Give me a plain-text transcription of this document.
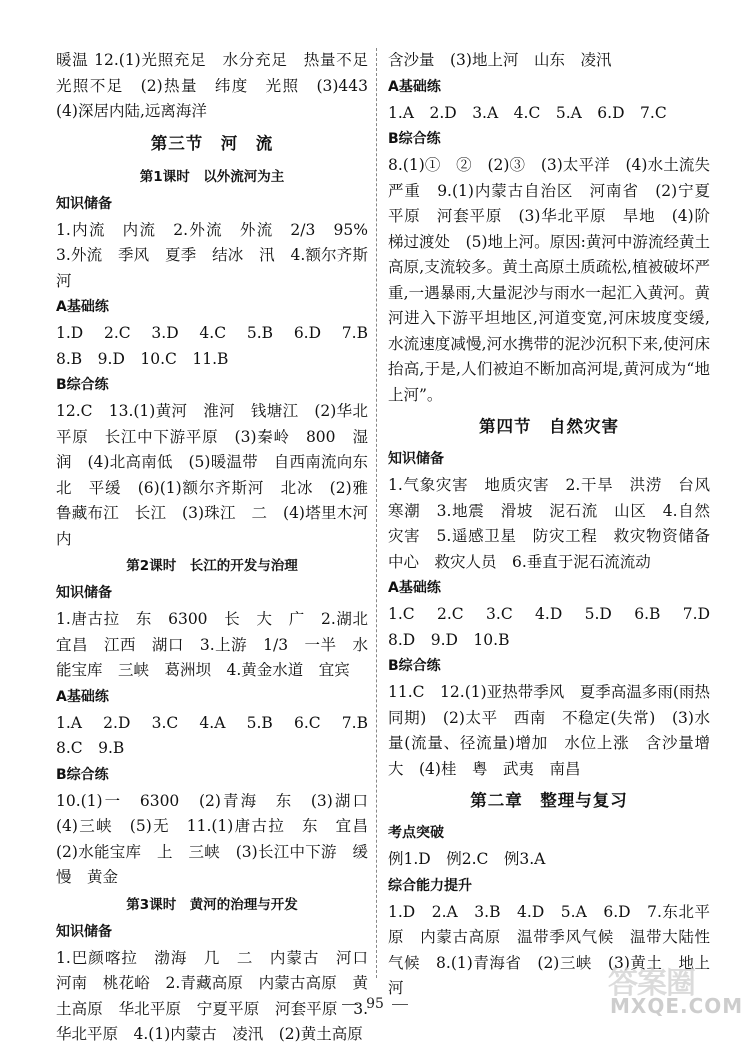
暖温 12.(1)光照充足　水分充足　热量不足　光照不足　(2)热量　纬度　光照　(3)443　(4)深居内陆,远离海洋

第三节　河　流

第1课时　以外流河为主

知识储备

1.内流　内流　2.外流　外流　2/3　95%　3.外流　季风　夏季　结冰　汛　4.额尔齐斯河

A基础练

1.D　2.C　3.D　4.C　5.B　6.D　7.B　8.B　9.D　10.C　11.B

B综合练

12.C　13.(1)黄河　淮河　钱塘江　(2)华北平原　长江中下游平原　(3)秦岭　800　湿润　(4)北高南低　(5)暖温带　自西南流向东北　平缓　(6)(1)额尔齐斯河　北冰　(2)雅鲁藏布江　长江　(3)珠江　二　(4)塔里木河　内

第2课时　长江的开发与治理

知识储备

1.唐古拉　东　6300　长　大　广　2.湖北　宜昌　江西　湖口　3.上游　1/3　一半　水能宝库　三峡　葛洲坝　4.黄金水道　宜宾

A基础练

1.A　2.D　3.C　4.A　5.B　6.C　7.B　8.C　9.B

B综合练

10.(1)一　6300　(2)青海　东　(3)湖口　(4)三峡　(5)无　11.(1)唐古拉　东　宜昌　(2)水能宝库　上　三峡　(3)长江中下游　缓慢　黄金

第3课时　黄河的治理与开发

知识储备

1.巴颜喀拉　渤海　几　二　内蒙古　河口　河南　桃花峪　2.青藏高原　内蒙古高原　黄土高原　华北平原　宁夏平原　河套平原　3.华北平原　4.(1)内蒙古　凌汛　(2)黄土高原

含沙量　(3)地上河　山东　凌汛

A基础练

1.A　2.D　3.A　4.C　5.A　6.D　7.C

B综合练

8.(1)①　②　(2)③　(3)太平洋　(4)水土流失严重　9.(1)内蒙古自治区　河南省　(2)宁夏平原　河套平原　(3)华北平原　旱地　(4)阶梯过渡处　(5)地上河。原因:黄河中游流经黄土高原,支流较多。黄土高原土质疏松,植被破坏严重,一遇暴雨,大量泥沙与雨水一起汇入黄河。黄河进入下游平坦地区,河道变宽,河床坡度变缓,水流速度减慢,河水携带的泥沙沉积下来,使河床抬高,于是,人们被迫不断加高河堤,黄河成为“地上河”。

第四节　自然灾害

知识储备

1.气象灾害　地质灾害　2.干旱　洪涝　台风　寒潮　3.地震　滑坡　泥石流　山区　4.自然灾害　5.遥感卫星　防灾工程　救灾物资储备中心　救灾人员　6.垂直于泥石流流动

A基础练

1.C　2.C　3.C　4.D　5.D　6.B　7.D　8.D　9.D　10.B

B综合练

11.C　12.(1)亚热带季风　夏季高温多雨(雨热同期)　(2)太平　西南　不稳定(失常)　(3)水量(流量、径流量)增加　水位上涨　含沙量增大　(4)桂　粤　武夷　南昌

第二章　整理与复习

考点突破

例1.D　例2.C　例3.A

综合能力提升

1.D　2.A　3.B　4.D　5.A　6.D　7.东北平原　内蒙古高原　温带季风气候　温带大陆性气候　8.(1)青海省　(2)三峡　(3)黄土　地上河

95
答案圈
MXQE.COM
